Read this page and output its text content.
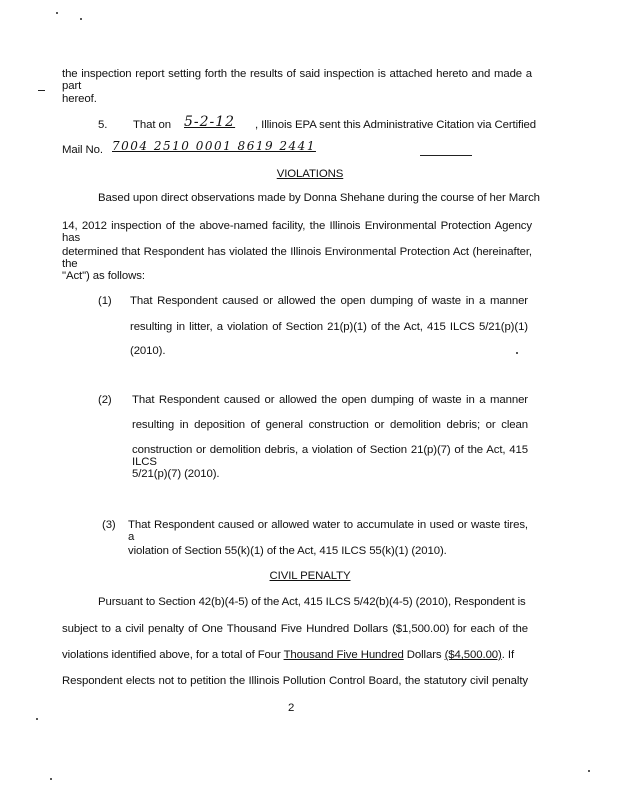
the inspection report setting forth the results of said inspection is attached hereto and made a part
hereof.
5. That on 5-2-12	, Illinois EPA sent this Administrative Citation via Certified
Mail No. 7004 2510 0001 8619 2441
VIOLATIONS
Based upon direct observations made by Donna Shehane during the course of her March
14, 2012 inspection of the above-named facility, the Illinois Environmental Protection Agency has
determined that Respondent has violated the Illinois Environmental Protection Act (hereinafter, the
"Act") as follows:
(1) That Respondent caused or allowed the open dumping of waste in a manner
resulting in litter, a violation of Section 21(p)(1) of the Act, 415 ILCS 5/21(p)(1)
(2010).
(2) That Respondent caused or allowed the open dumping of waste in a manner
resulting in deposition of general construction or demolition debris; or clean
construction or demolition debris, a violation of Section 21(p)(7) of the Act, 415 ILCS
5/21(p)(7) (2010).
(3) That Respondent caused or allowed water to accumulate in used or waste tires, a
violation of Section 55(k)(1) of the Act, 415 ILCS 55(k)(1) (2010).
CIVIL PENALTY
Pursuant to Section 42(b)(4-5) of the Act, 415 ILCS 5/42(b)(4-5) (2010), Respondent is
subject to a civil penalty of One Thousand Five Hundred Dollars ($1,500.00) for each of the
violations identified above, for a total of Four Thousand Five Hundred Dollars ($4,500.00). If
Respondent elects not to petition the Illinois Pollution Control Board, the statutory civil penalty
2
